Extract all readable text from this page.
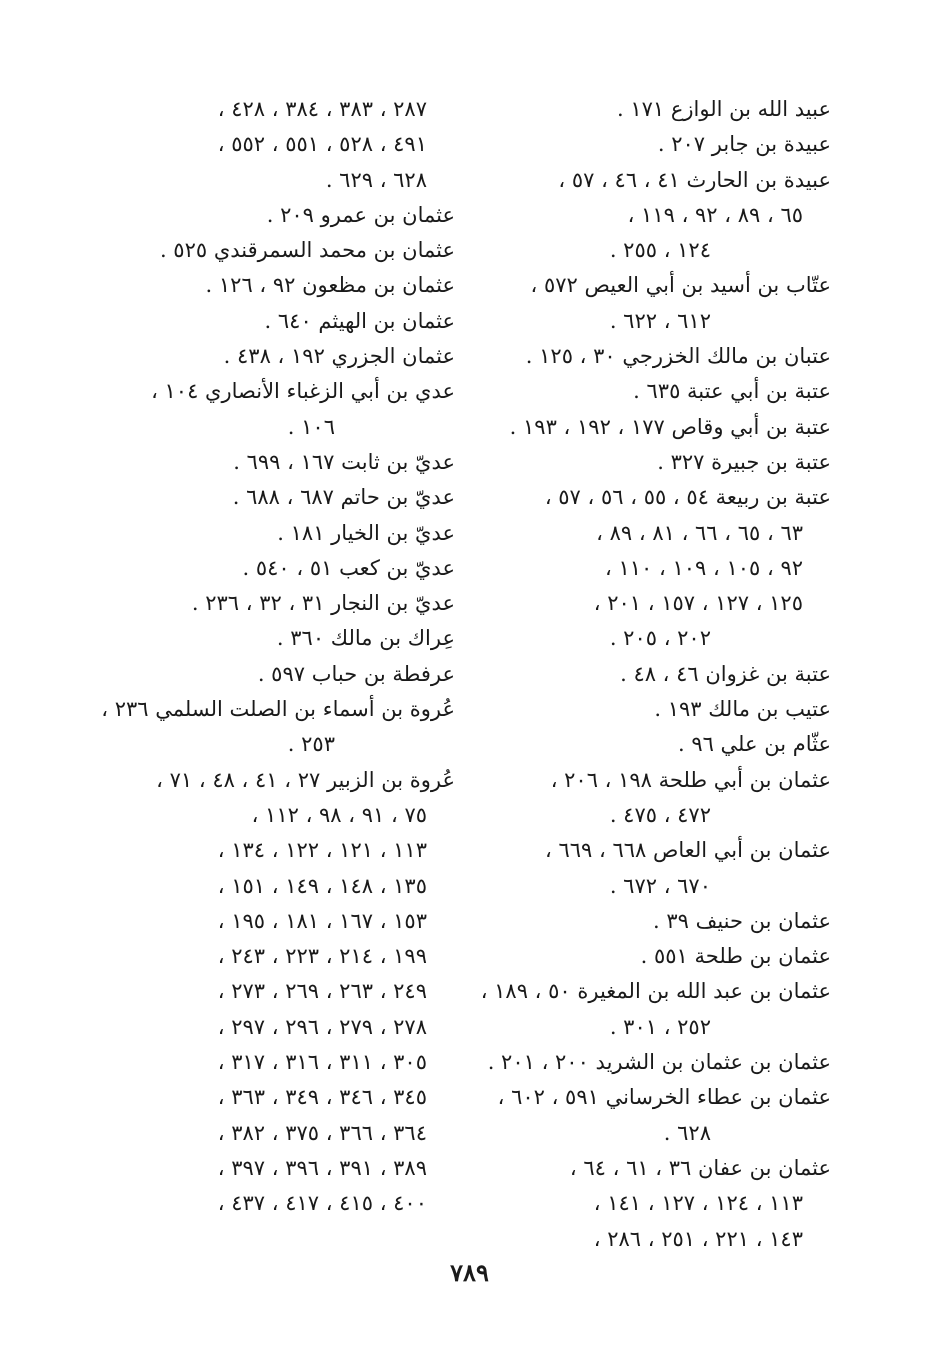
عبيد الله بن الوازع ١٧١ .
عبيدة بن جابر ٢٠٧ .
عبيدة بن الحارث ٤١ ، ٤٦ ، ٥٧ ،
٦٥ ، ٨٩ ، ٩٢ ، ١١٩ ،
١٢٤ ، ٢٥٥ .
عتّاب بن أسيد بن أبي العيص ٥٧٢ ،
٦١٢ ، ٦٢٢ .
عتبان بن مالك الخزرجي ٣٠ ، ١٢٥ .
عتبة بن أبي عتبة ٦٣٥ .
عتبة بن أبي وقاص ١٧٧ ، ١٩٢ ، ١٩٣ .
عتبة بن جبيرة ٣٢٧ .
عتبة بن ربيعة ٥٤ ، ٥٥ ، ٥٦ ، ٥٧ ،
٦٣ ، ٦٥ ، ٦٦ ، ٨١ ، ٨٩ ،
٩٢ ، ١٠٥ ، ١٠٩ ، ١١٠ ،
١٢٥ ، ١٢٧ ، ١٥٧ ، ٢٠١ ،
٢٠٢ ، ٢٠٥ .
عتبة بن غزوان ٤٦ ، ٤٨ .
عتيب بن مالك ١٩٣ .
عثّام بن علي ٩٦ .
عثمان بن أبي طلحة ١٩٨ ، ٢٠٦ ،
٤٧٢ ، ٤٧٥ .
عثمان بن أبي العاص ٦٦٨ ، ٦٦٩ ،
٦٧٠ ، ٦٧٢ .
عثمان بن حنيف ٣٩ .
عثمان بن طلحة ٥٥١ .
عثمان بن عبد الله بن المغيرة ٥٠ ، ١٨٩ ،
٢٥٢ ، ٣٠١ .
عثمان بن عثمان بن الشريد ٢٠٠ ، ٢٠١ .
عثمان بن عطاء الخرساني ٥٩١ ، ٦٠٢ ،
٦٢٨ .
عثمان بن عفان ٣٦ ، ٦١ ، ٦٤ ،
١١٣ ، ١٢٤ ، ١٢٧ ، ١٤١ ،
١٤٣ ، ٢٢١ ، ٢٥١ ، ٢٨٦ ،
٢٨٧ ، ٣٨٣ ، ٣٨٤ ، ٤٢٨ ،
٤٩١ ، ٥٢٨ ، ٥٥١ ، ٥٥٢ ،
٦٢٨ ، ٦٢٩ .
عثمان بن عمرو ٢٠٩ .
عثمان بن محمد السمرقندي ٥٢٥ .
عثمان بن مظعون ٩٢ ، ١٢٦ .
عثمان بن الهيثم ٦٤٠ .
عثمان الجزري ١٩٢ ، ٤٣٨ .
عدي بن أبي الزغباء الأنصاري ١٠٤ ،
١٠٦ .
عديّ بن ثابت ١٦٧ ، ٦٩٩ .
عديّ بن حاتم ٦٨٧ ، ٦٨٨ .
عديّ بن الخيار ١٨١ .
عديّ بن كعب ٥١ ، ٥٤٠ .
عديّ بن النجار ٣١ ، ٣٢ ، ٢٣٦ .
عِراك بن مالك ٣٦٠ .
عرفطة بن حباب ٥٩٧ .
عُروة بن أسماء بن الصلت السلمي ٢٣٦ ،
٢٥٣ .
عُروة بن الزبير ٢٧ ، ٤١ ، ٤٨ ، ٧١ ،
٧٥ ، ٩١ ، ٩٨ ، ١١٢ ،
١١٣ ، ١٢١ ، ١٢٢ ، ١٣٤ ،
١٣٥ ، ١٤٨ ، ١٤٩ ، ١٥١ ،
١٥٣ ، ١٦٧ ، ١٨١ ، ١٩٥ ،
١٩٩ ، ٢١٤ ، ٢٢٣ ، ٢٤٣ ،
٢٤٩ ، ٢٦٣ ، ٢٦٩ ، ٢٧٣ ،
٢٧٨ ، ٢٧٩ ، ٢٩٦ ، ٢٩٧ ،
٣٠٥ ، ٣١١ ، ٣١٦ ، ٣١٧ ،
٣٤٥ ، ٣٤٦ ، ٣٤٩ ، ٣٦٣ ،
٣٦٤ ، ٣٦٦ ، ٣٧٥ ، ٣٨٢ ،
٣٨٩ ، ٣٩١ ، ٣٩٦ ، ٣٩٧ ،
٤٠٠ ، ٤١٥ ، ٤١٧ ، ٤٣٧ ،
٧٨٩
